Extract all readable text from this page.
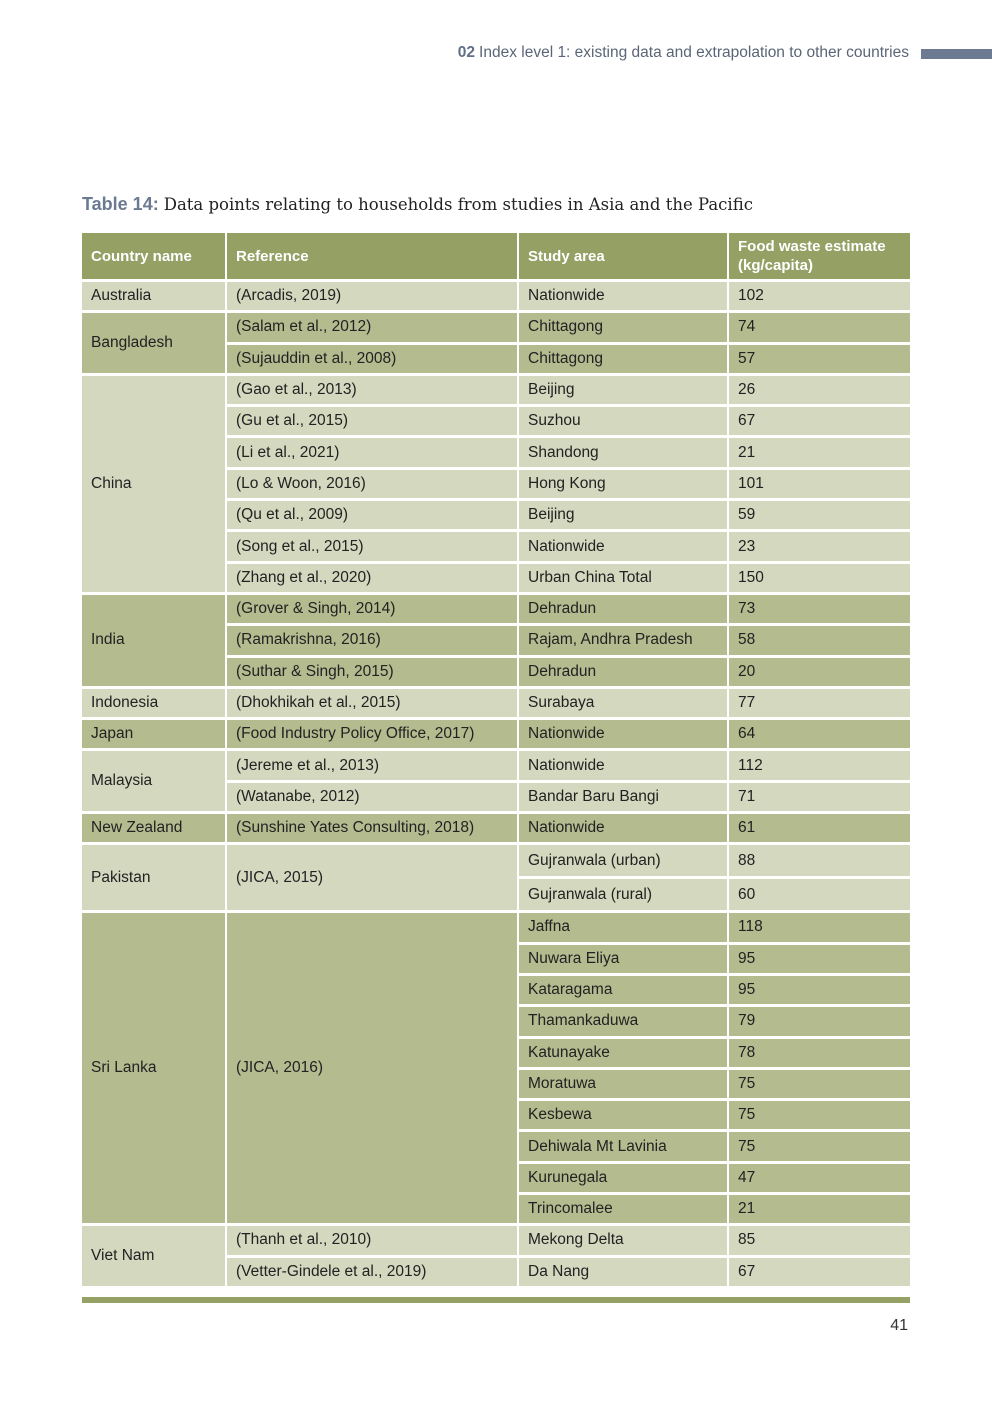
02 Index level 1: existing data and extrapolation to other countries
Table 14: Data points relating to households from studies in Asia and the Pacific
Country name	Reference	Study area	Food waste estimate (kg/capita)
Australia	(Arcadis, 2019)	Nationwide	102
Bangladesh	(Salam et al., 2012)	Chittagong	74
	(Sujauddin et al., 2008)	Chittagong	57
China	(Gao et al., 2013)	Beijing	26
	(Gu et al., 2015)	Suzhou	67
	(Li et al., 2021)	Shandong	21
	(Lo & Woon, 2016)	Hong Kong	101
	(Qu et al., 2009)	Beijing	59
	(Song et al., 2015)	Nationwide	23
	(Zhang et al., 2020)	Urban China Total	150
India	(Grover & Singh, 2014)	Dehradun	73
	(Ramakrishna, 2016)	Rajam, Andhra Pradesh	58
	(Suthar & Singh, 2015)	Dehradun	20
Indonesia	(Dhokhikah et al., 2015)	Surabaya	77
Japan	(Food Industry Policy Office, 2017)	Nationwide	64
Malaysia	(Jereme et al., 2013)	Nationwide	112
	(Watanabe, 2012)	Bandar Baru Bangi	71
New Zealand	(Sunshine Yates Consulting, 2018)	Nationwide	61
Pakistan	(JICA, 2015)	Gujranwala (urban)	88
		Gujranwala (rural)	60
Sri Lanka	(JICA, 2016)	Jaffna	118
		Nuwara Eliya	95
		Kataragama	95
		Thamankaduwa	79
		Katunayake	78
		Moratuwa	75
		Kesbewa	75
		Dehiwala Mt Lavinia	75
		Kurunegala	47
		Trincomalee	21
Viet Nam	(Thanh et al., 2010)	Mekong Delta	85
	(Vetter-Gindele et al., 2019)	Da Nang	67
41
